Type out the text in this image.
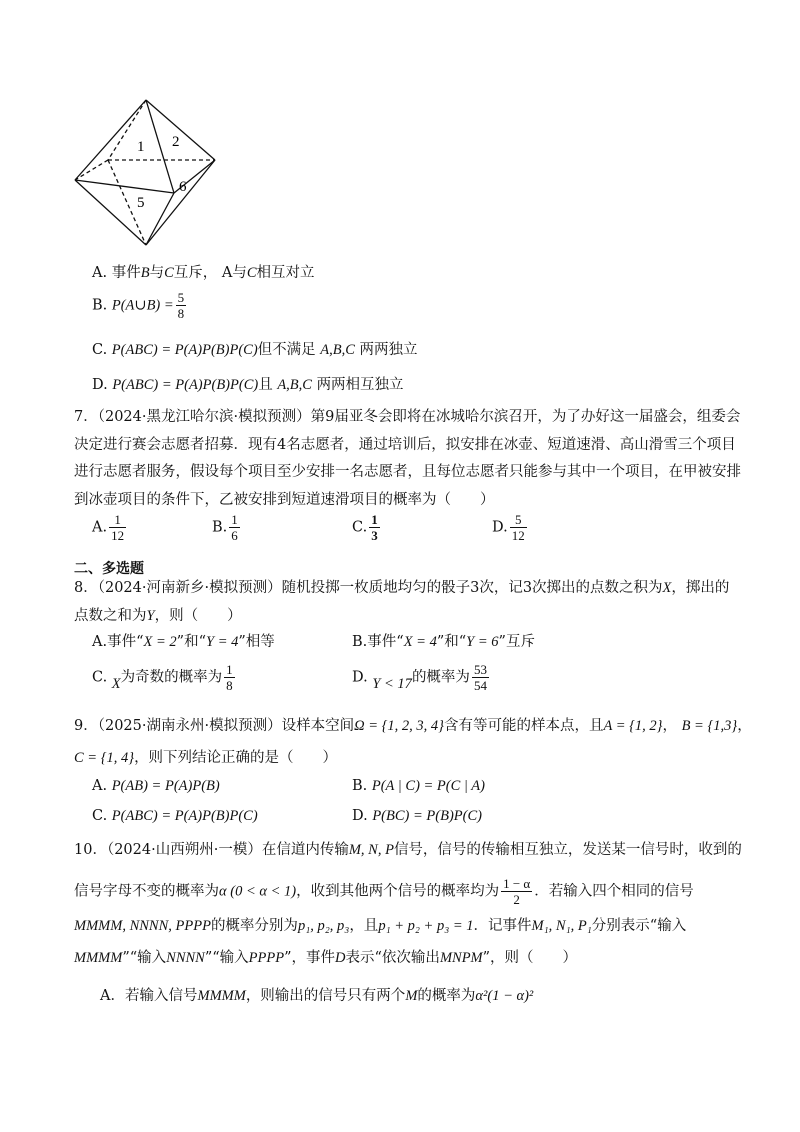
1 2
5
6
A. 事件B与C互斥， A与C相互对立
B. P(A∪B) = $\frac{5}{8}$
C. P(ABC) = P(A)P(B)P(C)但不满足 A,B,C 两两独立
D. P(ABC) = P(A)P(B)P(C)且 A,B,C 两两相互独立
7．（2024·黑龙江哈尔滨·模拟预测）第9届亚冬会即将在冰城哈尔滨召开，为了办好这一届盛会，组委会
决定进行赛会志愿者招募．现有4名志愿者，通过培训后，拟安排在冰壶、短道速滑、高山滑雪三个项目
进行志愿者服务，假设每个项目至少安排一名志愿者，且每位志愿者只能参与其中一个项目，在甲被安排
到冰壶项目的条件下，乙被安排到短道速滑项目的概率为（　　）
A. $\frac{1}{12}$	B. $\frac{1}{6}$	C. $\frac{1}{3}$	D. $\frac{5}{12}$
二、多选题
8．（2024·河南新乡·模拟预测）随机投掷一枚质地均匀的骰子3次，记3次掷出的点数之积为X，掷出的
点数之和为Y，则（　　）
A.事件“X = 2”和“Y = 4”相等	B.事件“X = 4”和“Y = 6”互斥
C. X为奇数的概率为 $\frac{1}{8}$	D. Y < 17的概率为 $\frac{53}{54}$
9．（2025·湖南永州·模拟预测）设样本空间Ω = {1, 2, 3, 4}含有等可能的样本点，且A = {1, 2}， B = {1,3}，
C = {1, 4}，则下列结论正确的是（　　）
A. P(AB) = P(A)P(B)	B. P(A | C) = P(C | A)
C. P(ABC) = P(A)P(B)P(C)	D. P(BC) = P(B)P(C)
10．（2024·山西朔州·一模）在信道内传输M, N, P信号，信号的传输相互独立，发送某一信号时，收到的
信号字母不变的概率为α (0 < α < 1)，收到其他两个信号的概率均为 $\frac{1 - \alpha}{2}$ ．若输入四个相同的信号
MMMM, NNNN, PPPP的概率分别为p₁, p₂, p₃，且p₁ + p₂ + p₃ = 1．记事件M₁, N₁, P₁分别表示“输入
MMMM”“输入NNNN”“输入PPPP”，事件D表示“依次输出MNPM”，则（　　）
A．若输入信号MMMM，则输出的信号只有两个M的概率为α²(1 − α)²
